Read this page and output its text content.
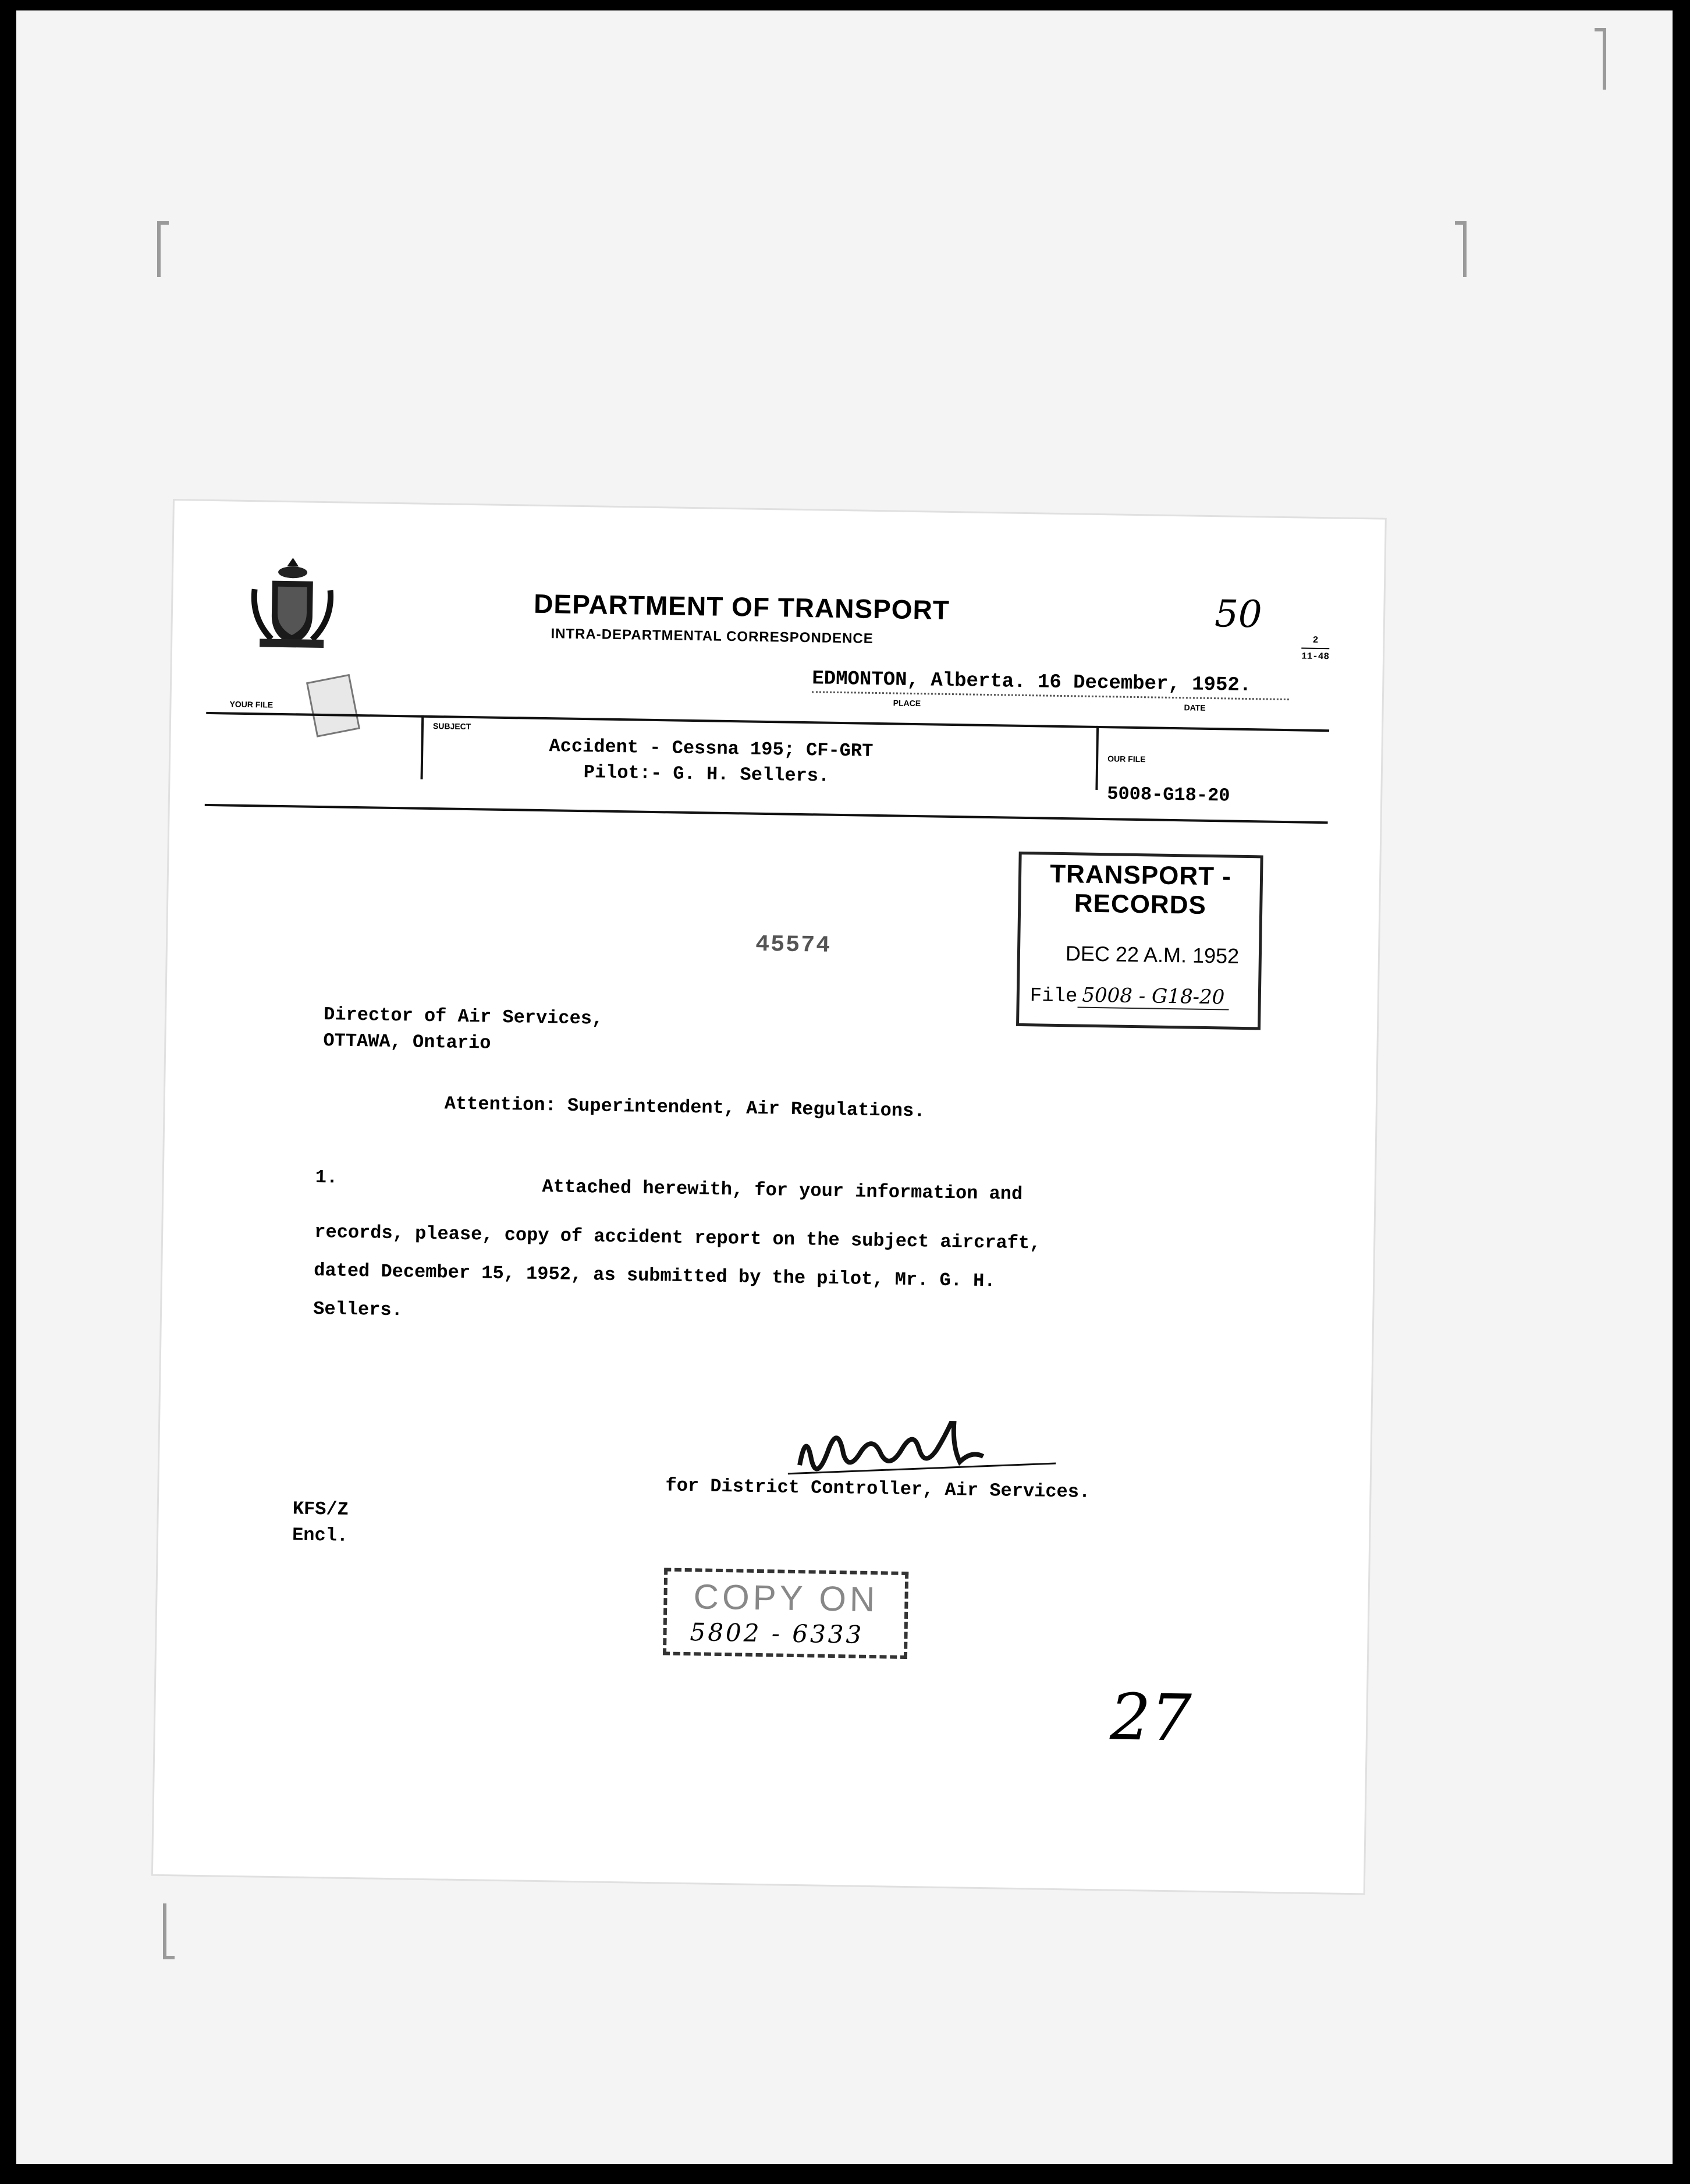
DEPARTMENT OF TRANSPORT
INTRA-DEPARTMENTAL CORRESPONDENCE	50
2
11-48
EDMONTON, Alberta. 16 December, 1952.
PLACE	DATE
YOUR FILE
SUBJECT
OUR FILE
Accident - Cessna 195; CF-GRT
Pilot:- G. H. Sellers.
5008-G18-20
TRANSPORT - RECORDS
DEC 22 A.M. 1952
File 5008 - G18-20
45574
Director of Air Services,
OTTAWA, Ontario
Attention: Superintendent, Air Regulations.
1.	Attached herewith, for your information and
records, please, copy of accident report on the subject aircraft,
dated December 15, 1952, as submitted by the pilot, Mr. G. H.
Sellers.
for District Controller, Air Services.
KFS/Z
Encl.
COPY ON
5802 - 6333
27
